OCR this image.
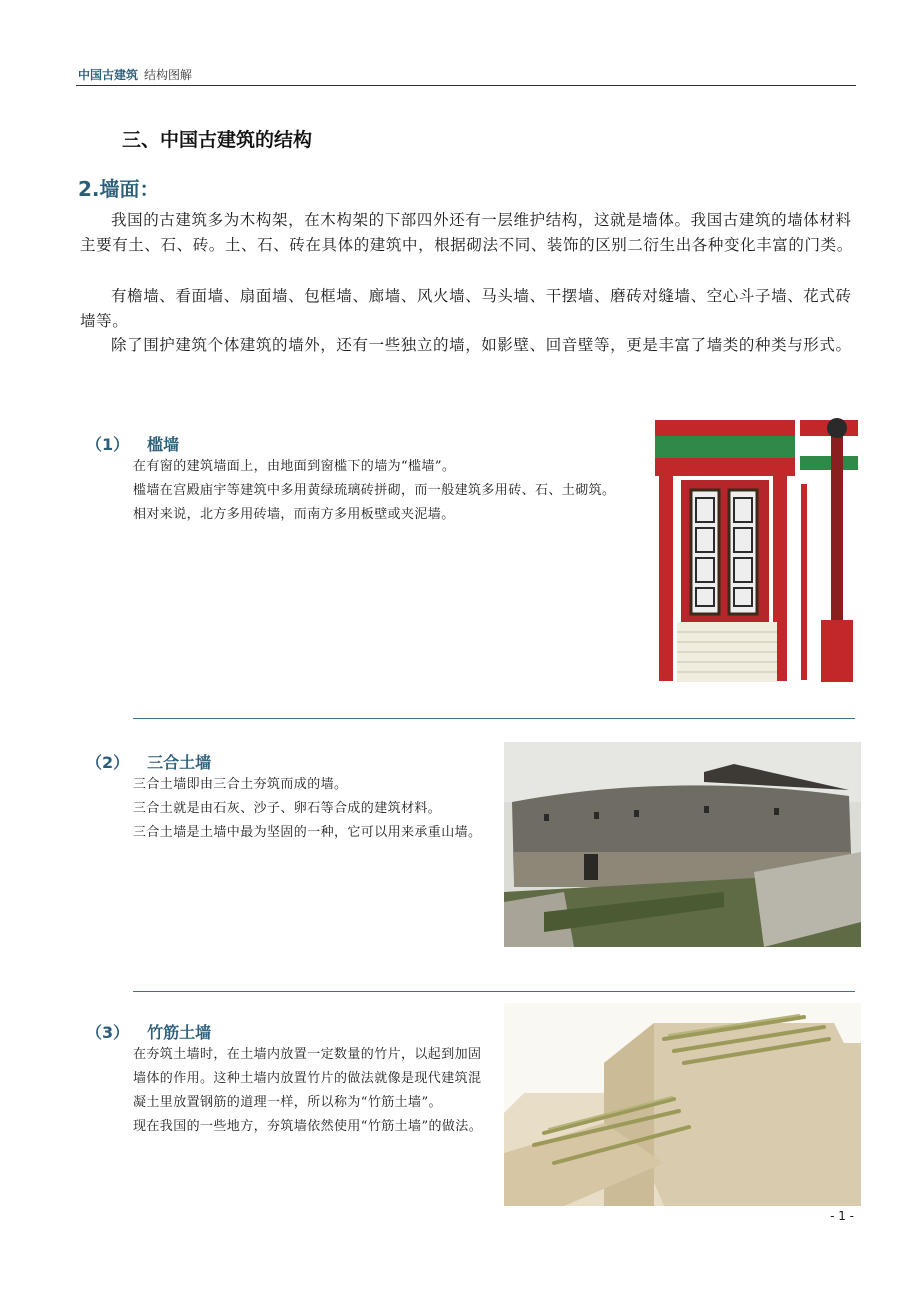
中国古建筑 结构图解
三、中国古建筑的结构
2.墙面：

我国的古建筑多为木构架，在木构架的下部四外还有一层维护结构，这就是墙体。我国古建筑的墙体材料主要有土、石、砖。土、石、砖在具体的建筑中，根据砌法不同、装饰的区别二衍生出各种变化丰富的门类。

有檐墙、看面墙、扇面墙、包框墙、廊墙、风火墙、马头墙、干摆墙、磨砖对缝墙、空心斗子墙、花式砖墙等。

除了围护建筑个体建筑的墙外，还有一些独立的墙，如影壁、回音壁等，更是丰富了墙类的种类与形式。

（1） 槛墙

在有窗的建筑墙面上，由地面到窗槛下的墙为“槛墙”。

槛墙在宫殿庙宇等建筑中多用黄绿琉璃砖拼砌，而一般建筑多用砖、石、土砌筑。

相对来说，北方多用砖墙，而南方多用板壁或夹泥墙。

（2） 三合土墙

三合土墙即由三合土夯筑而成的墙。

三合土就是由石灰、沙子、卵石等合成的建筑材料。

三合土墙是土墙中最为坚固的一种，它可以用来承重山墙。

（3） 竹筋土墙

在夯筑土墙时，在土墙内放置一定数量的竹片，以起到加固墙体的作用。这种土墙内放置竹片的做法就像是现代建筑混凝土里放置钢筋的道理一样，所以称为“竹筋土墙”。

现在我国的一些地方，夯筑墙依然使用“竹筋土墙”的做法。

- 1 -
